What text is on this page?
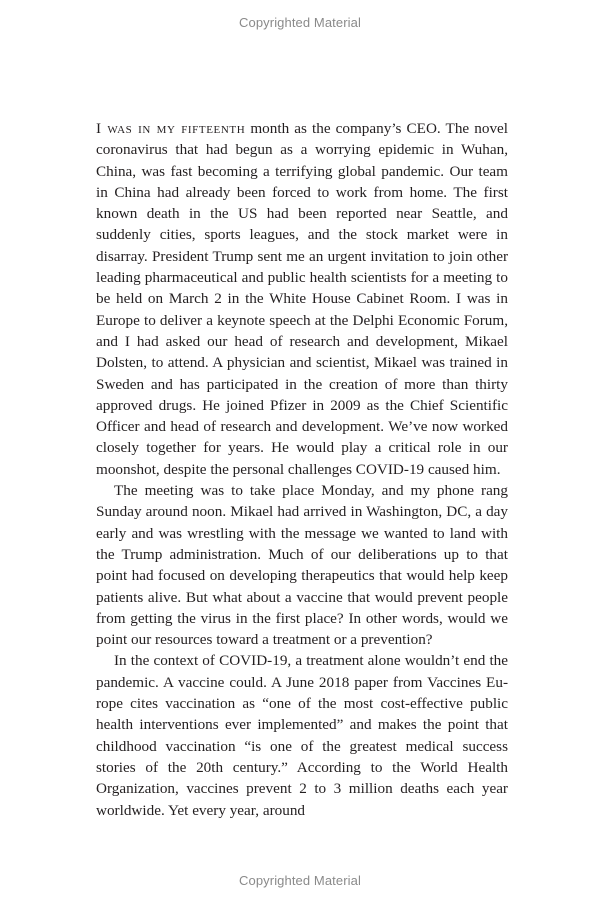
Copyrighted Material

I was in my fifteenth month as the company’s CEO. The novel coronavirus that had begun as a worrying epidemic in Wuhan, China, was fast becoming a terrifying global pandemic. Our team in China had already been forced to work from home. The first known death in the US had been reported near Seattle, and suddenly cities, sports leagues, and the stock market were in disarray. President Trump sent me an urgent invitation to join other leading pharmaceutical and public health scientists for a meeting to be held on March 2 in the White House Cabinet Room. I was in Europe to deliver a keynote speech at the Delphi Economic Forum, and I had asked our head of research and development, Mikael Dolsten, to attend. A physician and scientist, Mikael was trained in Sweden and has participated in the creation of more than thirty approved drugs. He joined Pfizer in 2009 as the Chief Scientific Officer and head of research and development. We’ve now worked closely together for years. He would play a critical role in our moonshot, despite the personal challenges COVID-19 caused him.

The meeting was to take place Monday, and my phone rang Sunday around noon. Mikael had arrived in Washington, DC, a day early and was wrestling with the message we wanted to land with the Trump administration. Much of our deliberations up to that point had focused on developing therapeutics that would help keep patients alive. But what about a vaccine that would prevent people from getting the virus in the first place? In other words, would we point our resources toward a treatment or a prevention?

In the context of COVID-19, a treatment alone wouldn’t end the pandemic. A vaccine could. A June 2018 paper from Vaccines Europe cites vaccination as “one of the most cost-effective public health interventions ever implemented” and makes the point that childhood vaccination “is one of the greatest medical success stories of the 20th century.” According to the World Health Organization, vaccines prevent 2 to 3 million deaths each year worldwide. Yet every year, around

Copyrighted Material
